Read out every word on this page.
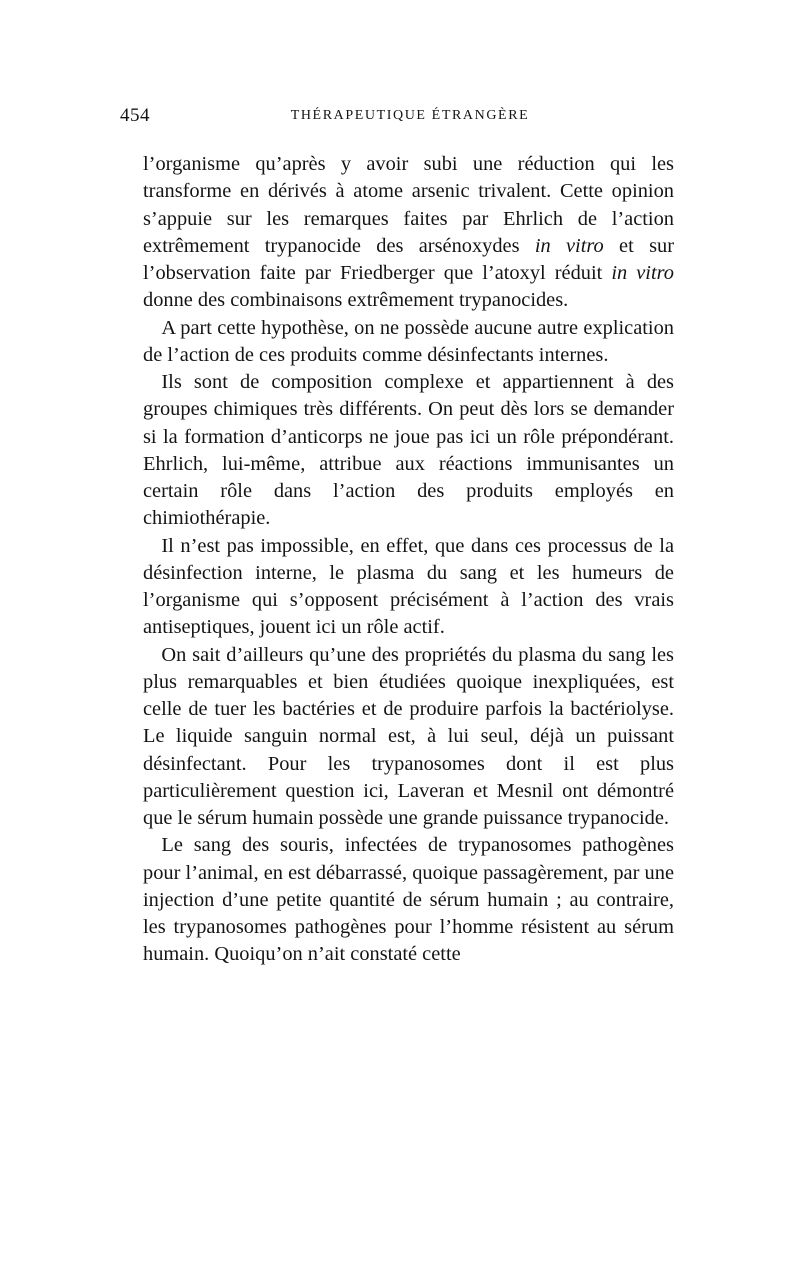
454	THÉRAPEUTIQUE ÉTRANGÈRE

l’organisme qu’après y avoir subi une réduction qui les transforme en dérivés à atome arsenic trivalent. Cette opinion s’appuie sur les remarques faites par Ehrlich de l’action extrêmement trypanocide des arsénoxydes in vitro et sur l’observation faite par Friedberger que l’atoxyl réduit in vitro donne des combinaisons extrêmement trypanocides.

A part cette hypothèse, on ne possède aucune autre explication de l’action de ces produits comme désinfectants internes.

Ils sont de composition complexe et appartiennent à des groupes chimiques très différents. On peut dès lors se demander si la formation d’anticorps ne joue pas ici un rôle prépondérant. Ehrlich, lui-même, attribue aux réactions immunisantes un certain rôle dans l’action des produits employés en chimiothérapie.

Il n’est pas impossible, en effet, que dans ces processus de la désinfection interne, le plasma du sang et les humeurs de l’organisme qui s’opposent précisément à l’action des vrais antiseptiques, jouent ici un rôle actif.

On sait d’ailleurs qu’une des propriétés du plasma du sang les plus remarquables et bien étudiées quoique inexpliquées, est celle de tuer les bactéries et de produire parfois la bactériolyse. Le liquide sanguin normal est, à lui seul, déjà un puissant désinfectant. Pour les trypanosomes dont il est plus particulièrement question ici, Laveran et Mesnil ont démontré que le sérum humain possède une grande puissance trypanocide.

Le sang des souris, infectées de trypanosomes pathogènes pour l’animal, en est débarrassé, quoique passagèrement, par une injection d’une petite quantité de sérum humain ; au contraire, les trypanosomes pathogènes pour l’homme résistent au sérum humain. Quoiqu’on n’ait constaté cette
